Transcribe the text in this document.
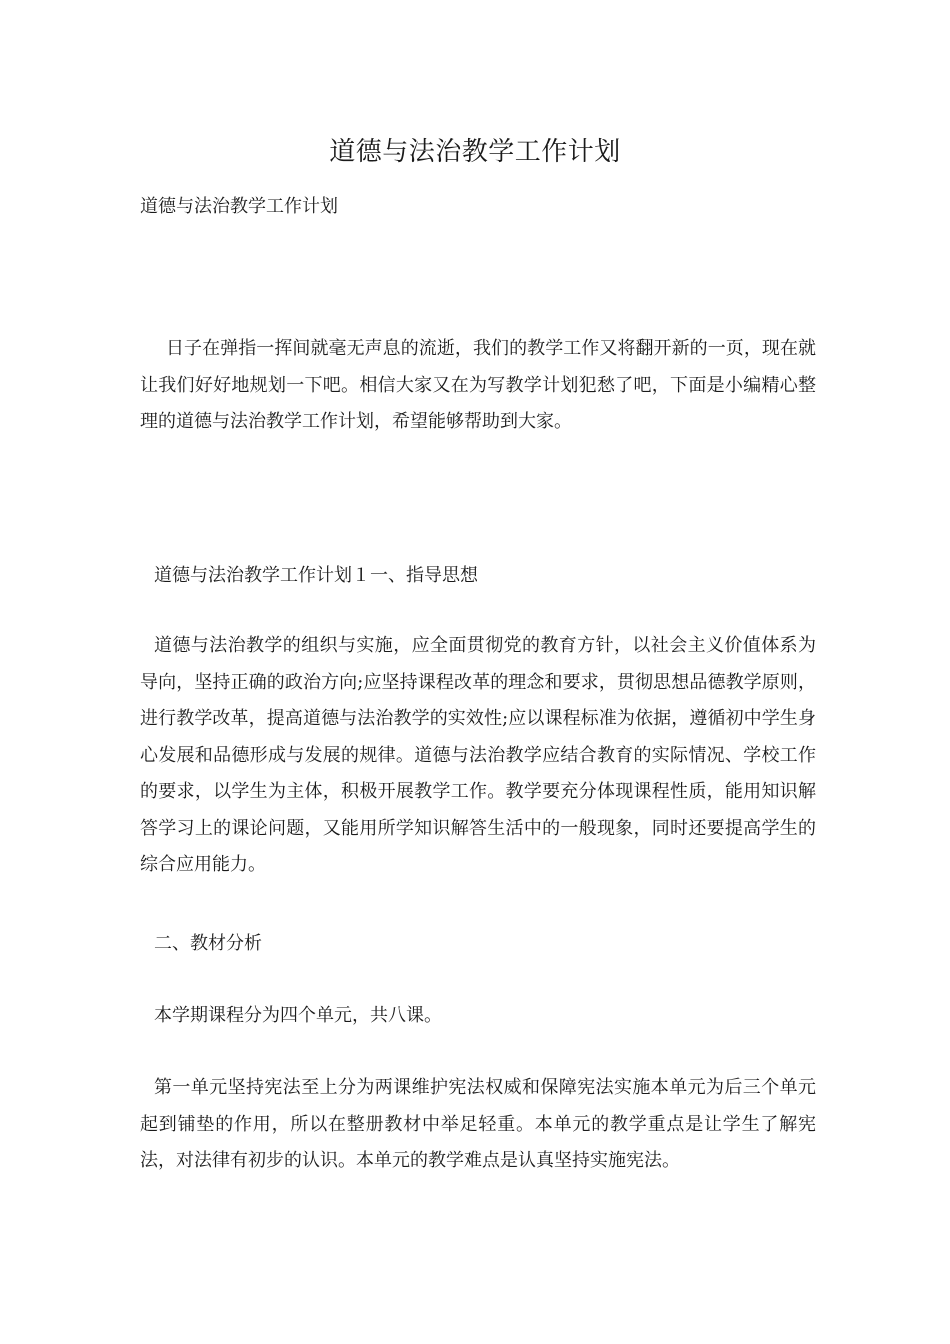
道德与法治教学工作计划
道德与法治教学工作计划

日子在弹指一挥间就毫无声息的流逝，我们的教学工作又将翻开新的一页，现在就让我们好好地规划一下吧。相信大家又在为写教学计划犯愁了吧，下面是小编精心整理的道德与法治教学工作计划，希望能够帮助到大家。

道德与法治教学工作计划１一、指导思想

道德与法治教学的组织与实施，应全面贯彻党的教育方针，以社会主义价值体系为导向，坚持正确的政治方向;应坚持课程改革的理念和要求，贯彻思想品德教学原则，进行教学改革，提高道德与法治教学的实效性;应以课程标准为依据，遵循初中学生身心发展和品德形成与发展的规律。道德与法治教学应结合教育的实际情况、学校工作的要求，以学生为主体，积极开展教学工作。教学要充分体现课程性质，能用知识解答学习上的课论问题，又能用所学知识解答生活中的一般现象，同时还要提高学生的综合应用能力。

二、教材分析

本学期课程分为四个单元，共八课。

第一单元坚持宪法至上分为两课维护宪法权威和保障宪法实施本单元为后三个单元起到铺垫的作用，所以在整册教材中举足轻重。本单元的教学重点是让学生了解宪法，对法律有初步的认识。本单元的教学难点是认真坚持实施宪法。
